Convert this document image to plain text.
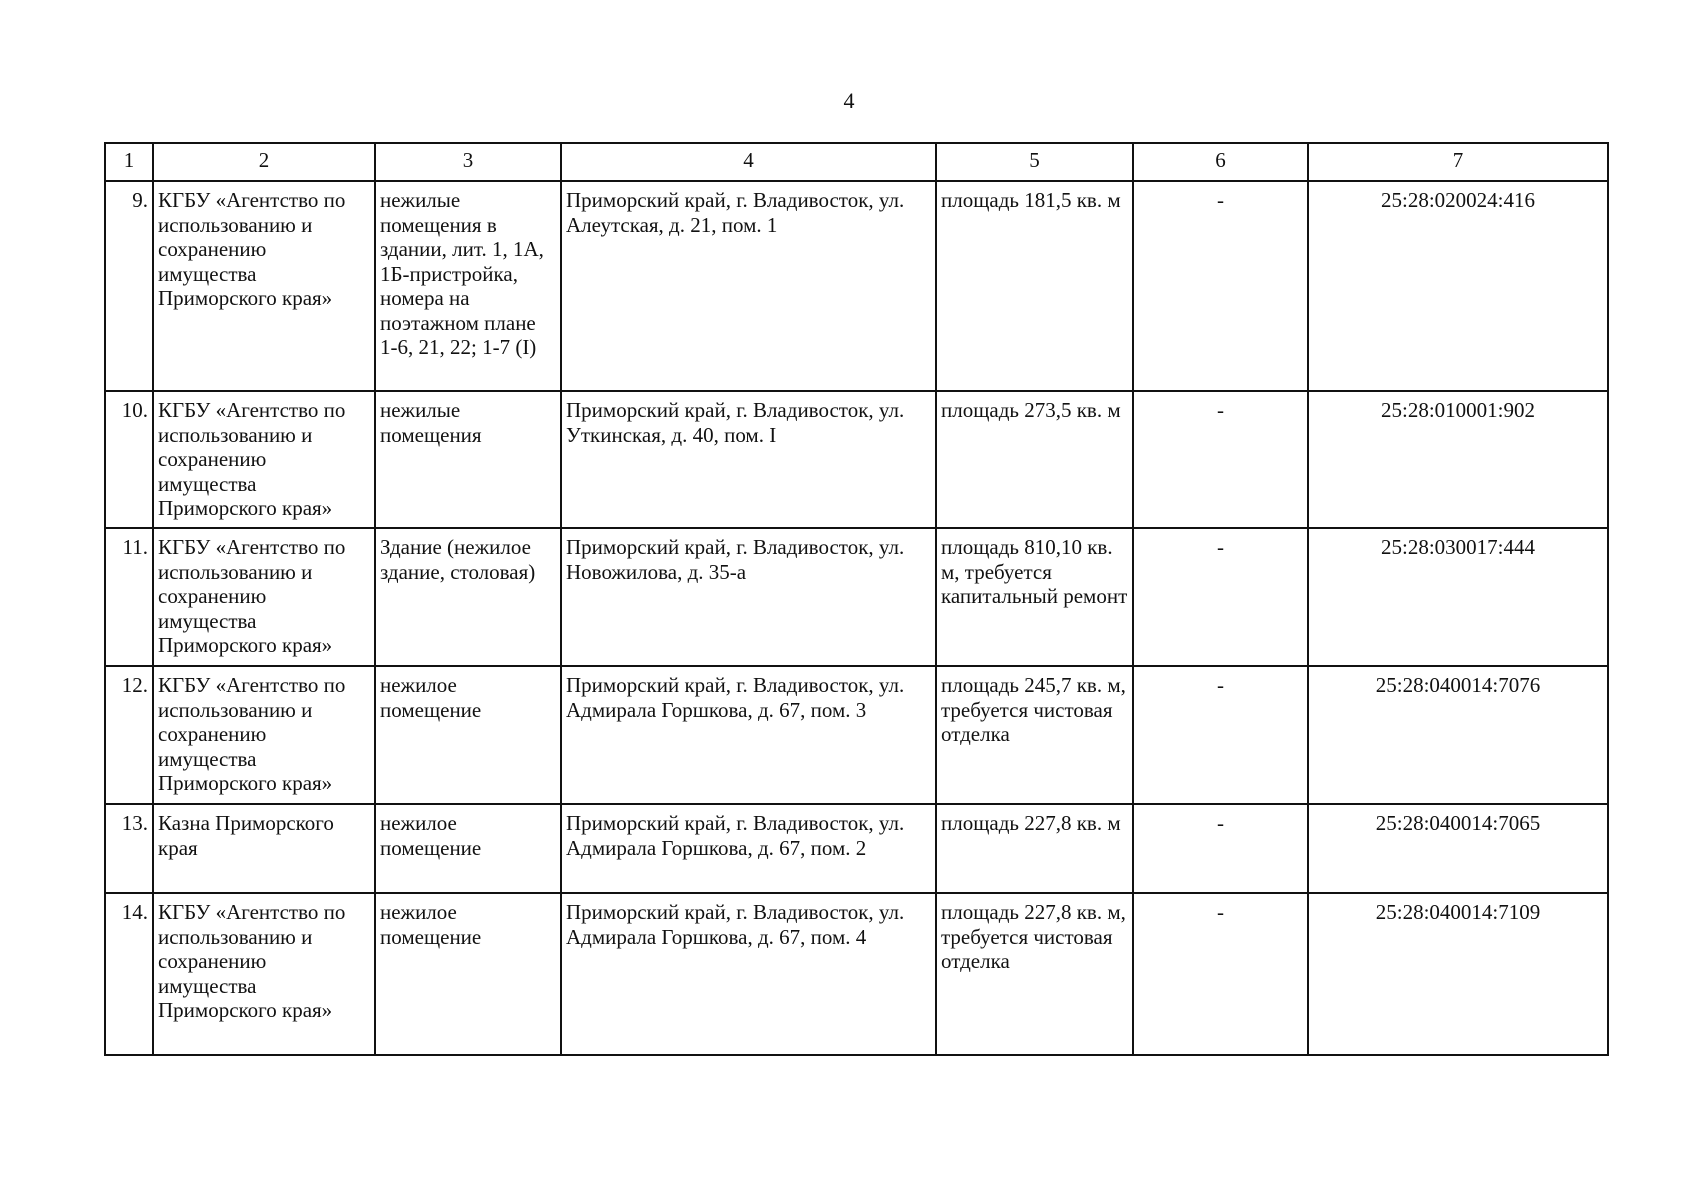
4
1	2	3	4	5	6	7
9.	КГБУ «Агентство по использованию и сохранению имущества Приморского края»	нежилые помещения в здании, лит. 1, 1А, 1Б-пристройка, номера на поэтажном плане 1-6, 21, 22; 1-7 (I)	Приморский край, г. Владивосток, ул. Алеутская, д. 21, пом. 1	площадь 181,5 кв. м	-	25:28:020024:416
10.	КГБУ «Агентство по использованию и сохранению имущества Приморского края»	нежилые помещения	Приморский край, г. Владивосток, ул. Уткинская, д. 40, пом. I	площадь 273,5 кв. м	-	25:28:010001:902
11.	КГБУ «Агентство по использованию и сохранению имущества Приморского края»	Здание (нежилое здание, столовая)	Приморский край, г. Владивосток, ул. Новожилова, д. 35-а	площадь 810,10 кв. м, требуется капитальный ремонт	-	25:28:030017:444
12.	КГБУ «Агентство по использованию и сохранению имущества Приморского края»	нежилое помещение	Приморский край, г. Владивосток, ул. Адмирала Горшкова, д. 67, пом. 3	площадь 245,7 кв. м, требуется чистовая отделка	-	25:28:040014:7076
13.	Казна Приморского края	нежилое помещение	Приморский край, г. Владивосток, ул. Адмирала Горшкова, д. 67, пом. 2	площадь 227,8 кв. м	-	25:28:040014:7065
14.	КГБУ «Агентство по использованию и сохранению имущества Приморского края»	нежилое помещение	Приморский край, г. Владивосток, ул. Адмирала Горшкова, д. 67, пом. 4	площадь 227,8 кв. м, требуется чистовая отделка	-	25:28:040014:7109
